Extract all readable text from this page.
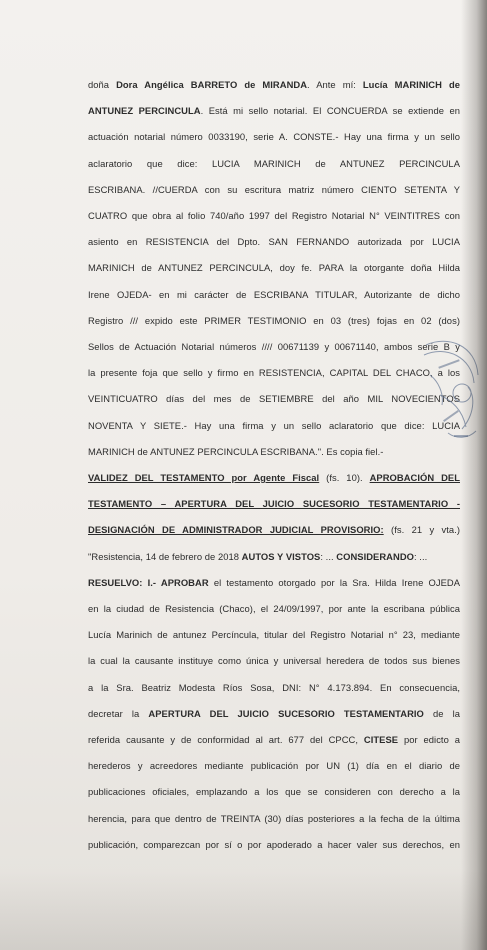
doña Dora Angélica BARRETO de MIRANDA. Ante mí: Lucía MARINICH de
ANTUNEZ PERCINCULA. Está mi sello notarial. El CONCUERDA se extiende en
actuación notarial número 0033190, serie A. CONSTE.- Hay una firma y un sello
aclaratorio que dice: LUCIA MARINICH de ANTUNEZ PERCINCULA
ESCRIBANA. //CUERDA con su escritura matriz número CIENTO SETENTA Y
CUATRO que obra al folio 740/año 1997 del Registro Notarial N° VEINTITRES con
asiento en RESISTENCIA del Dpto. SAN FERNANDO autorizada por LUCIA
MARINICH de ANTUNEZ PERCINCULA, doy fe. PARA la otorgante doña Hilda
Irene OJEDA- en mi carácter de ESCRIBANA TITULAR, Autorizante de dicho
Registro /// expido este PRIMER TESTIMONIO en 03 (tres) fojas en 02 (dos)
Sellos de Actuación Notarial números //// 00671139 y 00671140, ambos serie B y
la presente foja que sello y firmo en RESISTENCIA, CAPITAL DEL CHACO, a los
VEINTICUATRO días del mes de SETIEMBRE del año MIL NOVECIENTOS
NOVENTA Y SIETE.- Hay una firma y un sello aclaratorio que dice: LUCIA
MARINICH de ANTUNEZ PERCINCULA ESCRIBANA.". Es copia fiel.-
VALIDEZ DEL TESTAMENTO por Agente Fiscal (fs. 10). APROBACIÓN DEL
TESTAMENTO – APERTURA DEL JUICIO SUCESORIO TESTAMENTARIO -
DESIGNACIÓN DE ADMINISTRADOR JUDICIAL PROVISORIO: (fs. 21 y vta.)
"Resistencia, 14 de febrero de 2018 AUTOS Y VISTOS: ... CONSIDERANDO: ...
RESUELVO: I.- APROBAR el testamento otorgado por la Sra. Hilda Irene OJEDA
en la ciudad de Resistencia (Chaco), el 24/09/1997, por ante la escribana pública
Lucía Marinich de antunez Percíncula, titular del Registro Notarial n° 23, mediante
la cual la causante instituye como única y universal heredera de todos sus bienes
a la Sra. Beatriz Modesta Ríos Sosa, DNI: N° 4.173.894. En consecuencia,
decretar la APERTURA DEL JUICIO SUCESORIO TESTAMENTARIO de la
referida causante y de conformidad al art. 677 del CPCC, CITESE por edicto a
herederos y acreedores mediante publicación por UN (1) día en el diario de
publicaciones oficiales, emplazando a los que se consideren con derecho a la
herencia, para que dentro de TREINTA (30) días posteriores a la fecha de la última
publicación, comparezcan por sí o por apoderado a hacer valer sus derechos, en
